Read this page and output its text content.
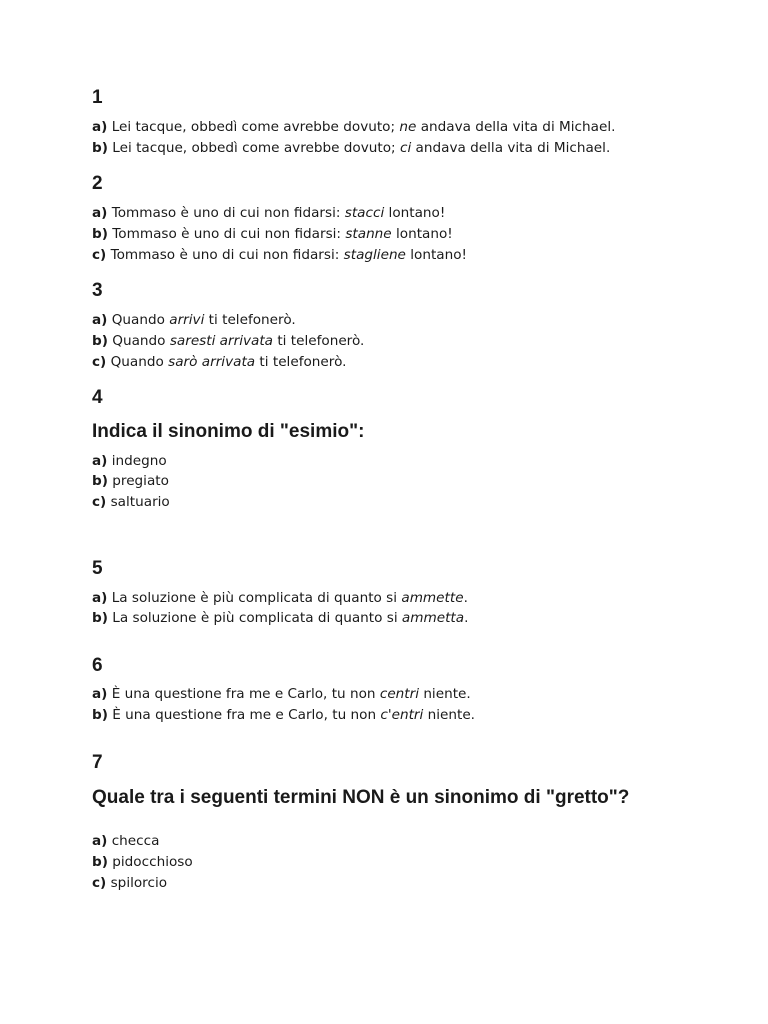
1

a) Lei tacque, obbedì come avrebbe dovuto; ne andava della vita di Michael.

b) Lei tacque, obbedì come avrebbe dovuto; ci andava della vita di Michael.

2

a) Tommaso è uno di cui non fidarsi: stacci lontano!

b) Tommaso è uno di cui non fidarsi: stanne lontano!

c) Tommaso è uno di cui non fidarsi: stagliene lontano!

3

a) Quando arrivi ti telefonerò.

b) Quando saresti arrivata ti telefonerò.

c) Quando sarò arrivata ti telefonerò.

4
Indica il sinonimo di "esimio":

a) indegno

b) pregiato

c) saltuario

5

a) La soluzione è più complicata di quanto si ammette.

b) La soluzione è più complicata di quanto si ammetta.

6

a) È una questione fra me e Carlo, tu non centri niente.

b) È una questione fra me e Carlo, tu non c'entri niente.

7
Quale tra i seguenti termini NON è un sinonimo di "gretto"?

a) checca

b) pidocchioso

c) spilorcio
